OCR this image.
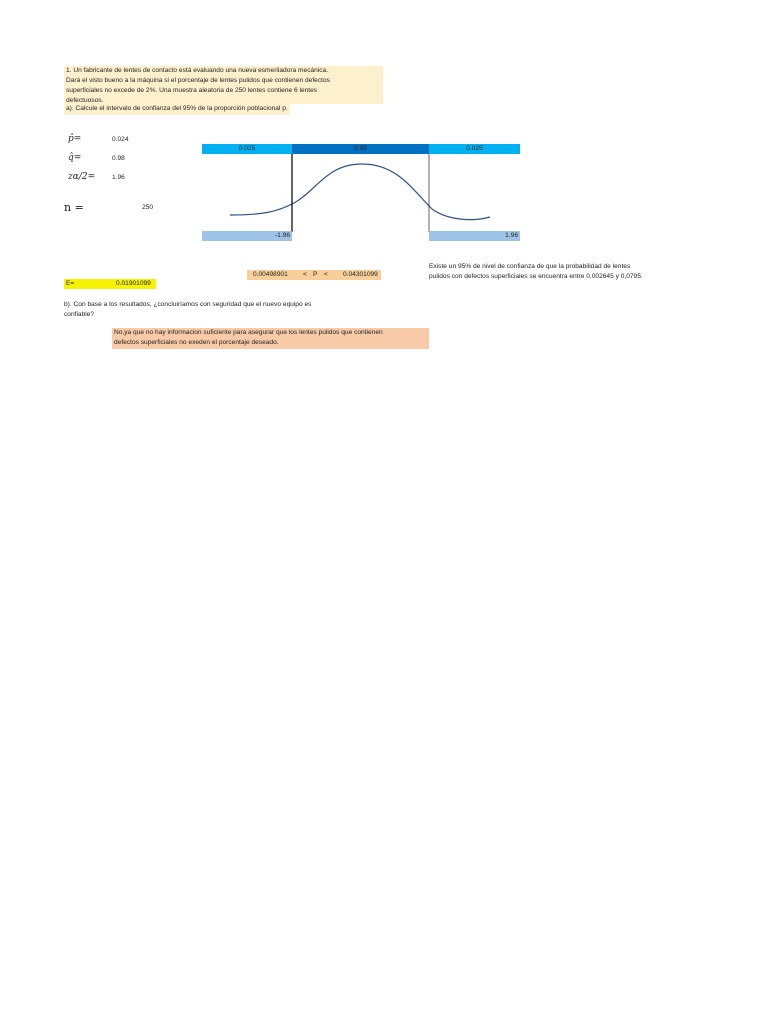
1. Un fabricante de lentes de contacto está evaluando una nueva esmeriladora mecánica.
Dará el visto bueno a la máquina si el porcentaje de lentes pulidos que contienen defectos
superficiales no excede de 2%. Una muestra aleatoria de 250 lentes contiene 6 lentes
defectuosos.
a). Calcule el intervalo de confianza del 95% de la proporción poblacional p.
p̂=	0.024
q̂=	0.98
zα/2=	1.96
n =	250
0.025	0.95	0.025
-1.96	1.96
Existe un 95% de nivel de confianza de que la probabilidad de lentes
pulidos con defectos superficiales se encuentra entre 0,002645 y 0,0795.
0.00498901 < P < 0.04301099
E=	0.01901099
b). Con base a los resultados, ¿concluiríamos con seguridad que el nuevo equipo es
confiable?
No,ya que no hay informacion suficiente para asegurar que los lentes pulidos que contienen
defectos superficiales no exeden el porcentaje deseado.
